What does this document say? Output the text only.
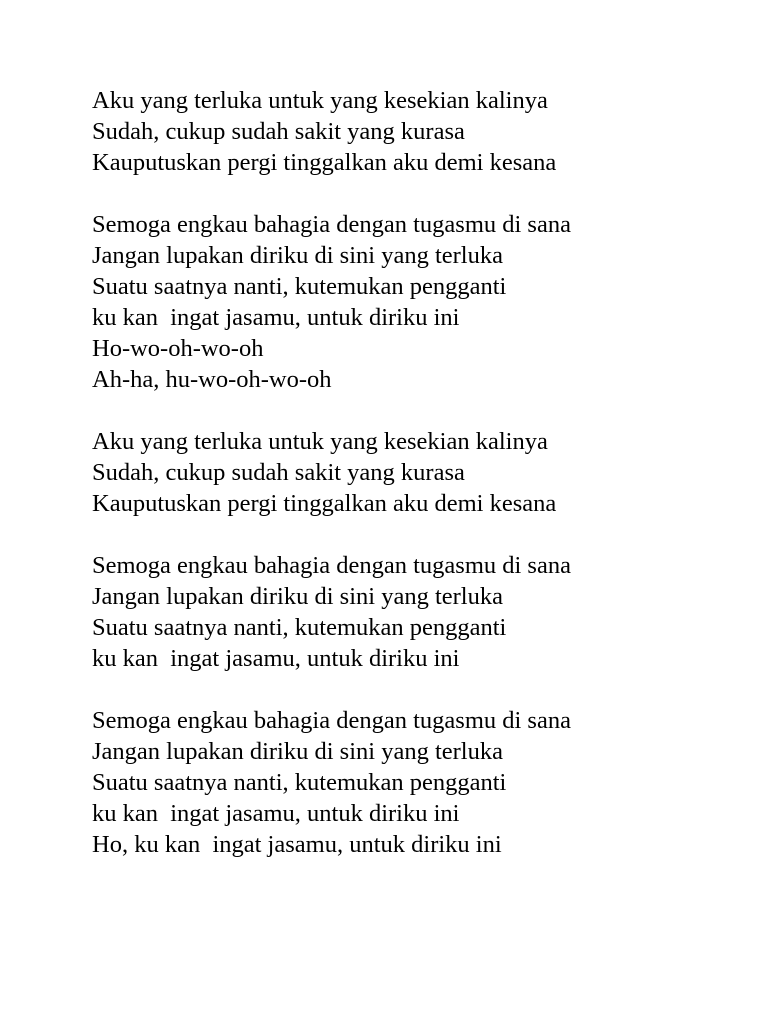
Aku yang terluka untuk yang kesekian kalinya
Sudah, cukup sudah sakit yang kurasa
Kauputuskan pergi tinggalkan aku demi kesana
Semoga engkau bahagia dengan tugasmu di sana
Jangan lupakan diriku di sini yang terluka
Suatu saatnya nanti, kutemukan pengganti
ku kan  ingat jasamu, untuk diriku ini
Ho-wo-oh-wo-oh
Ah-ha, hu-wo-oh-wo-oh
Aku yang terluka untuk yang kesekian kalinya
Sudah, cukup sudah sakit yang kurasa
Kauputuskan pergi tinggalkan aku demi kesana
Semoga engkau bahagia dengan tugasmu di sana
Jangan lupakan diriku di sini yang terluka
Suatu saatnya nanti, kutemukan pengganti
ku kan  ingat jasamu, untuk diriku ini
Semoga engkau bahagia dengan tugasmu di sana
Jangan lupakan diriku di sini yang terluka
Suatu saatnya nanti, kutemukan pengganti
ku kan  ingat jasamu, untuk diriku ini
Ho, ku kan  ingat jasamu, untuk diriku ini
